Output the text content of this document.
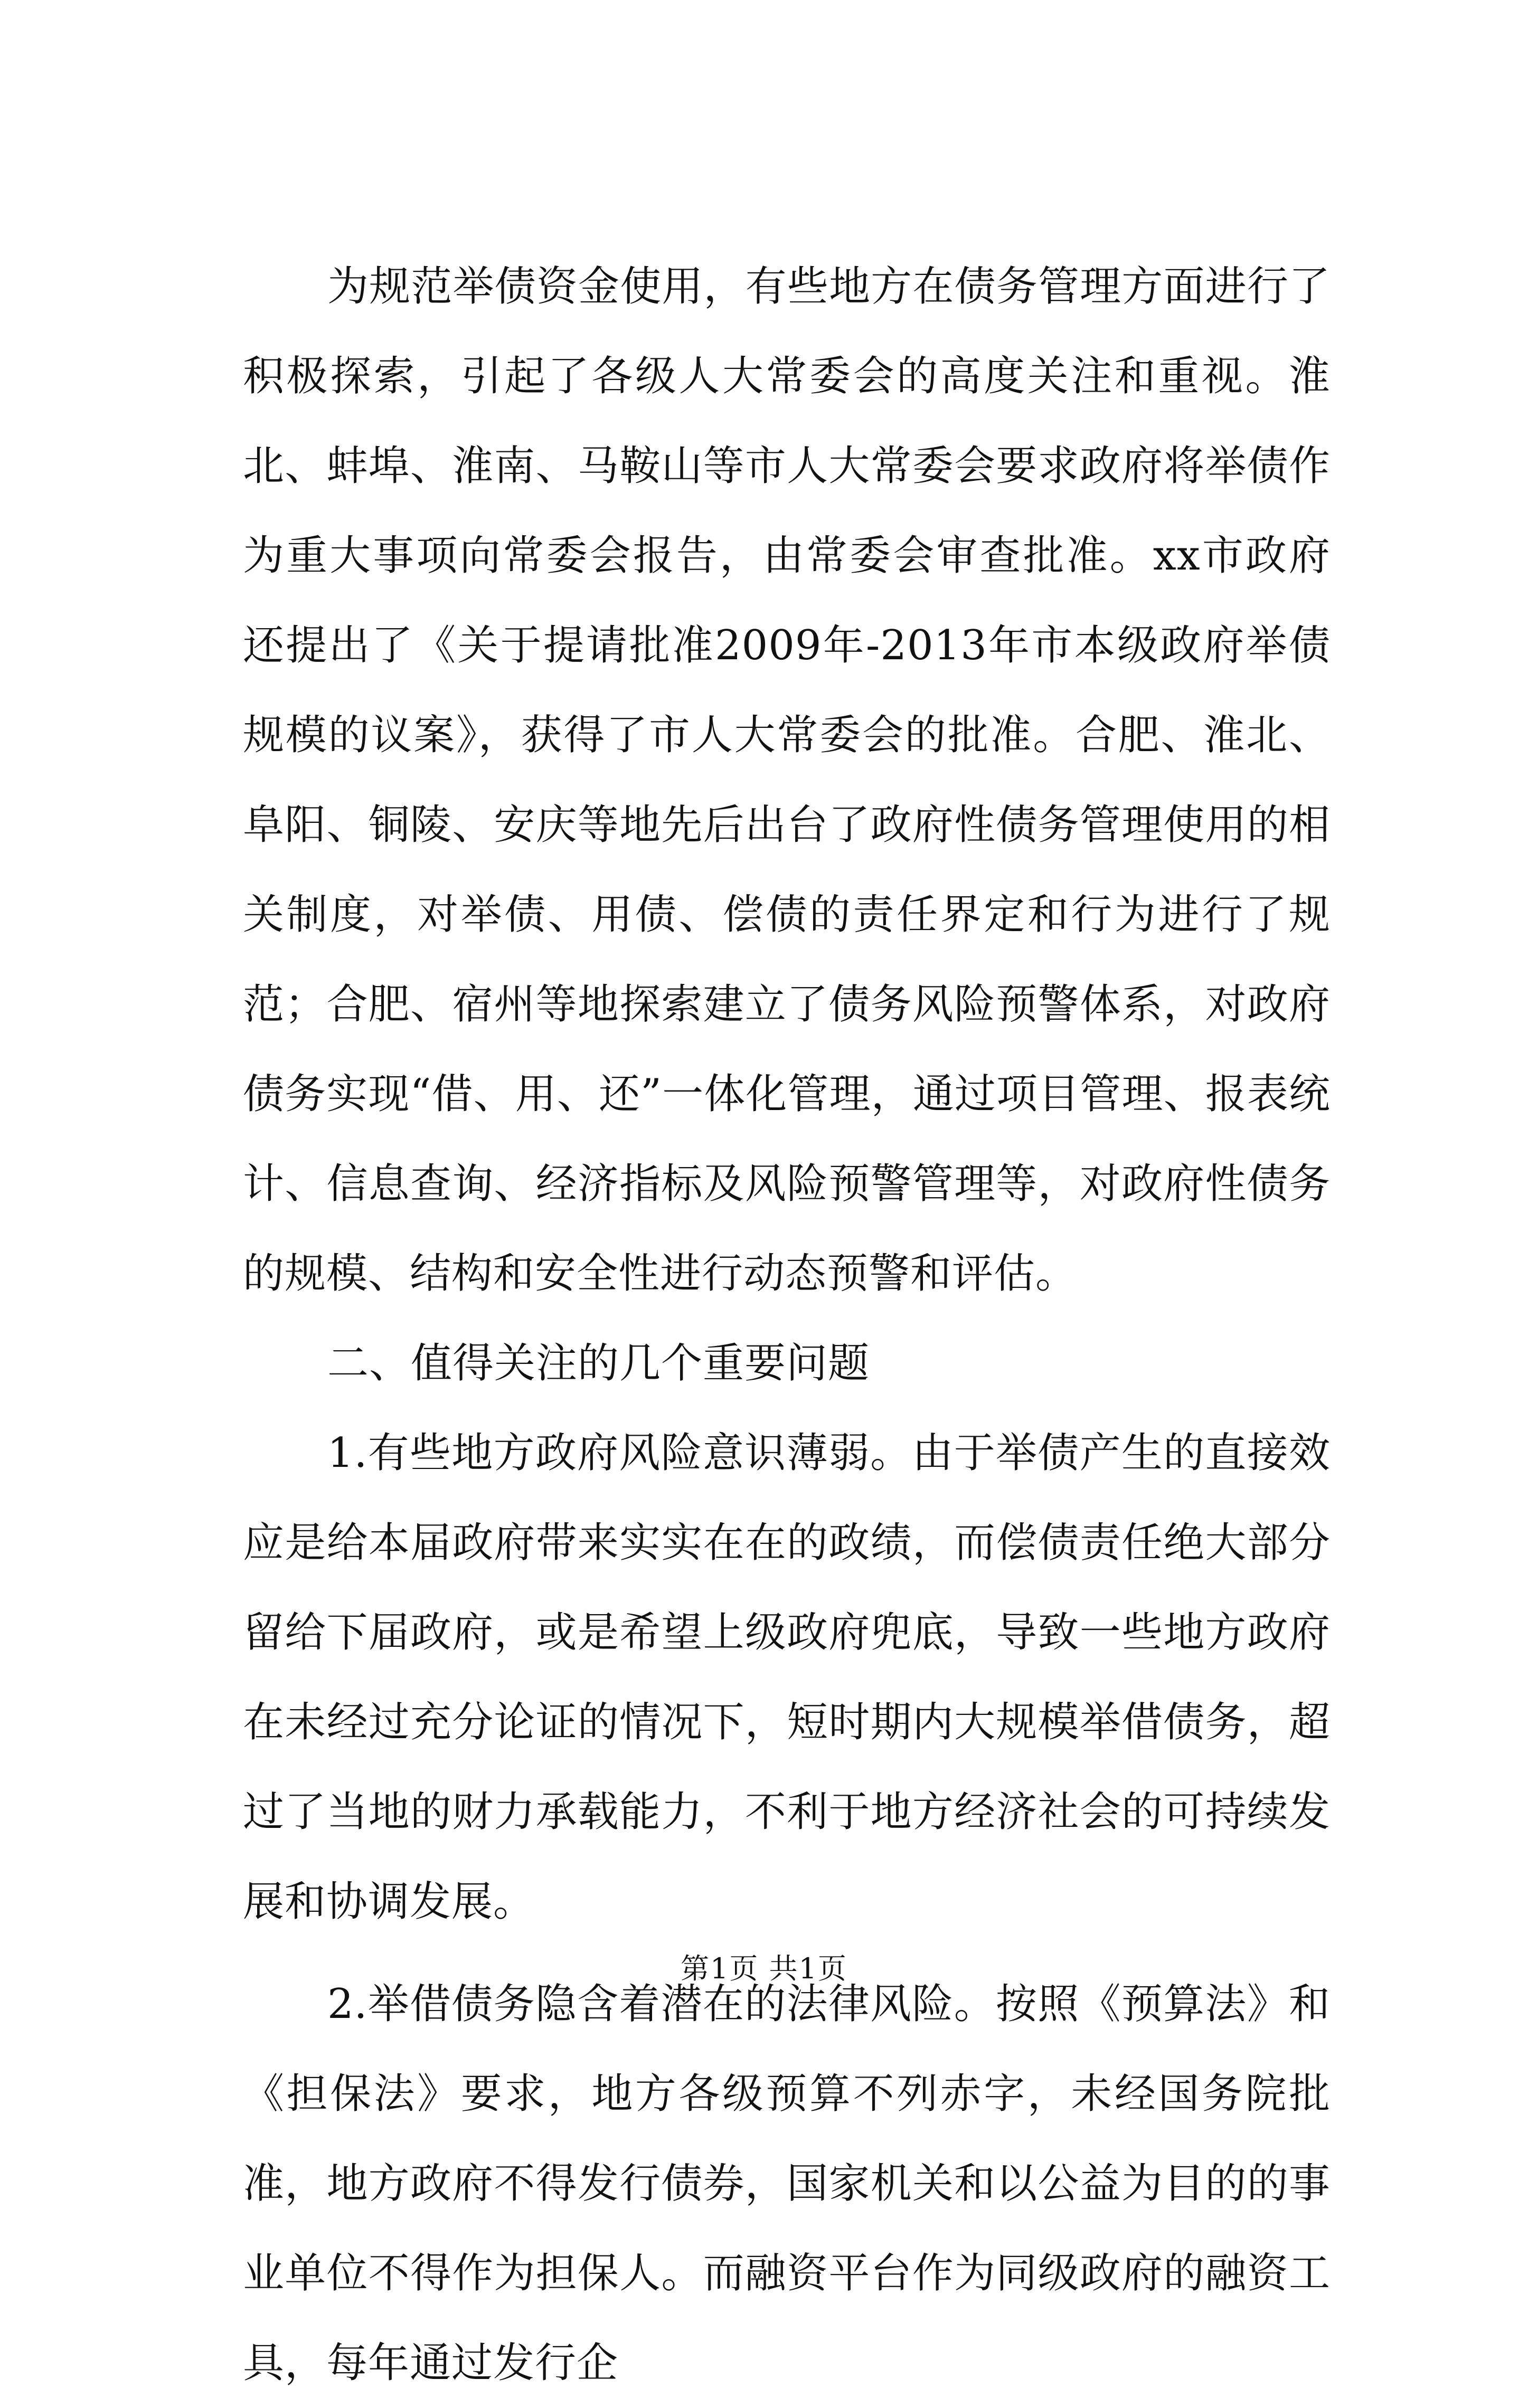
为规范举债资金使用，有些地方在债务管理方面进行了积极探索，引起了各级人大常委会的高度关注和重视。淮北、蚌埠、淮南、马鞍山等市人大常委会要求政府将举债作为重大事项向常委会报告，由常委会审查批准。xx市政府还提出了《关于提请批准2009年-2013年市本级政府举债规模的议案》，获得了市人大常委会的批准。合肥、淮北、阜阳、铜陵、安庆等地先后出台了政府性债务管理使用的相关制度，对举债、用债、偿债的责任界定和行为进行了规范；合肥、宿州等地探索建立了债务风险预警体系，对政府债务实现“借、用、还”一体化管理，通过项目管理、报表统计、信息查询、经济指标及风险预警管理等，对政府性债务的规模、结构和安全性进行动态预警和评估。

二、值得关注的几个重要问题

1.有些地方政府风险意识薄弱。由于举债产生的直接效应是给本届政府带来实实在在的政绩，而偿债责任绝大部分留给下届政府，或是希望上级政府兜底，导致一些地方政府在未经过充分论证的情况下，短时期内大规模举借债务，超过了当地的财力承载能力，不利于地方经济社会的可持续发展和协调发展。

2.举借债务隐含着潜在的法律风险。按照《预算法》和《担保法》要求，地方各级预算不列赤字，未经国务院批准，地方政府不得发行债券，国家机关和以公益为目的的事业单位不得作为担保人。而融资平台作为同级政府的融资工具，每年通过发行企

第1页 共1页
